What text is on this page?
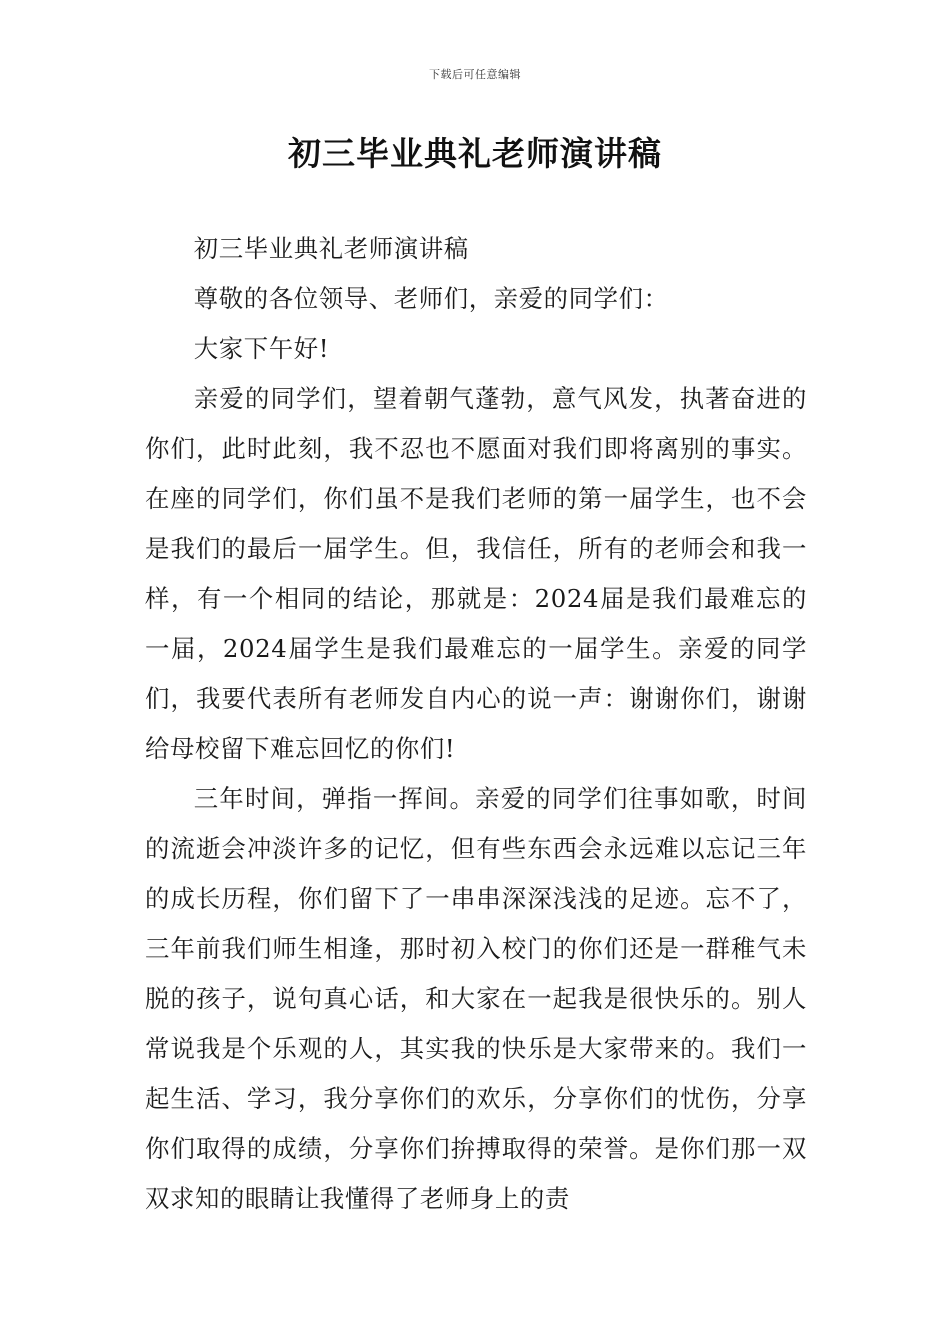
下载后可任意编辑
初三毕业典礼老师演讲稿

初三毕业典礼老师演讲稿

尊敬的各位领导、老师们，亲爱的同学们：

大家下午好!

亲爱的同学们，望着朝气蓬勃，意气风发，执著奋进的你们，此时此刻，我不忍也不愿面对我们即将离别的事实。在座的同学们，你们虽不是我们老师的第一届学生，也不会是我们的最后一届学生。但，我信任，所有的老师会和我一样，有一个相同的结论，那就是：2024届是我们最难忘的一届，2024届学生是我们最难忘的一届学生。亲爱的同学们，我要代表所有老师发自内心的说一声：谢谢你们，谢谢给母校留下难忘回忆的你们!

三年时间，弹指一挥间。亲爱的同学们往事如歌，时间的流逝会冲淡许多的记忆，但有些东西会永远难以忘记三年的成长历程，你们留下了一串串深深浅浅的足迹。忘不了，三年前我们师生相逢，那时初入校门的你们还是一群稚气未脱的孩子，说句真心话，和大家在一起我是很快乐的。别人常说我是个乐观的人，其实我的快乐是大家带来的。我们一起生活、学习，我分享你们的欢乐，分享你们的忧伤，分享你们取得的成绩，分享你们拚搏取得的荣誉。是你们那一双双求知的眼睛让我懂得了老师身上的责
